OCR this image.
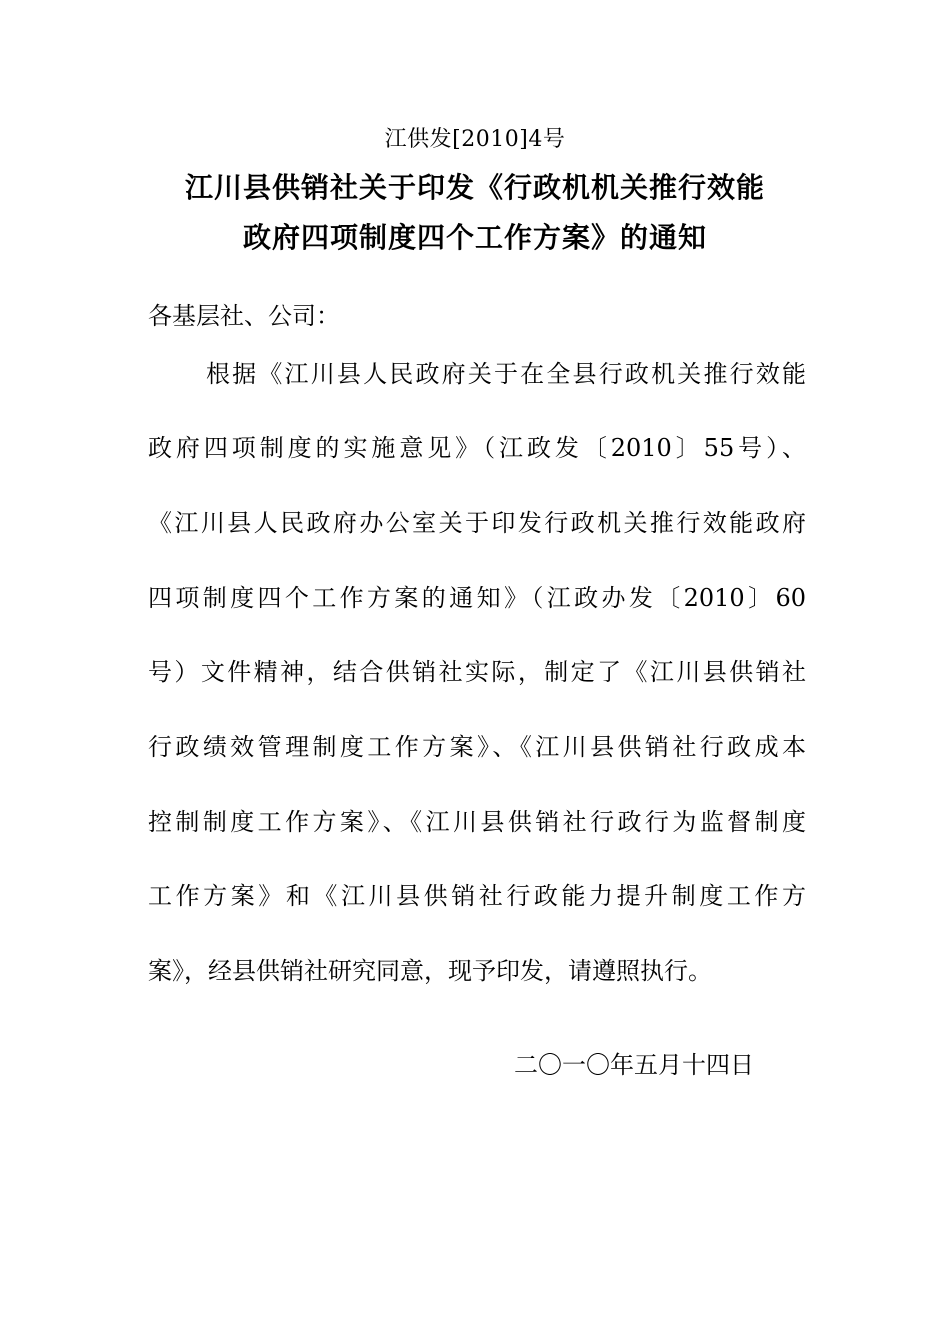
江供发[2010]4号
江川县供销社关于印发《行政机机关推行效能
政府四项制度四个工作方案》的通知
各基层社、公司：
根据《江川县人民政府关于在全县行政机关推行效能
政府四项制度的实施意见》（江政发〔2010〕55号）、
《江川县人民政府办公室关于印发行政机关推行效能政府
四项制度四个工作方案的通知》（江政办发〔2010〕60
号）文件精神，结合供销社实际，制定了《江川县供销社
行政绩效管理制度工作方案》、《江川县供销社行政成本
控制制度工作方案》、《江川县供销社行政行为监督制度
工作方案》和《江川县供销社行政能力提升制度工作方
案》，经县供销社研究同意，现予印发，请遵照执行。
二〇一〇年五月十四日
